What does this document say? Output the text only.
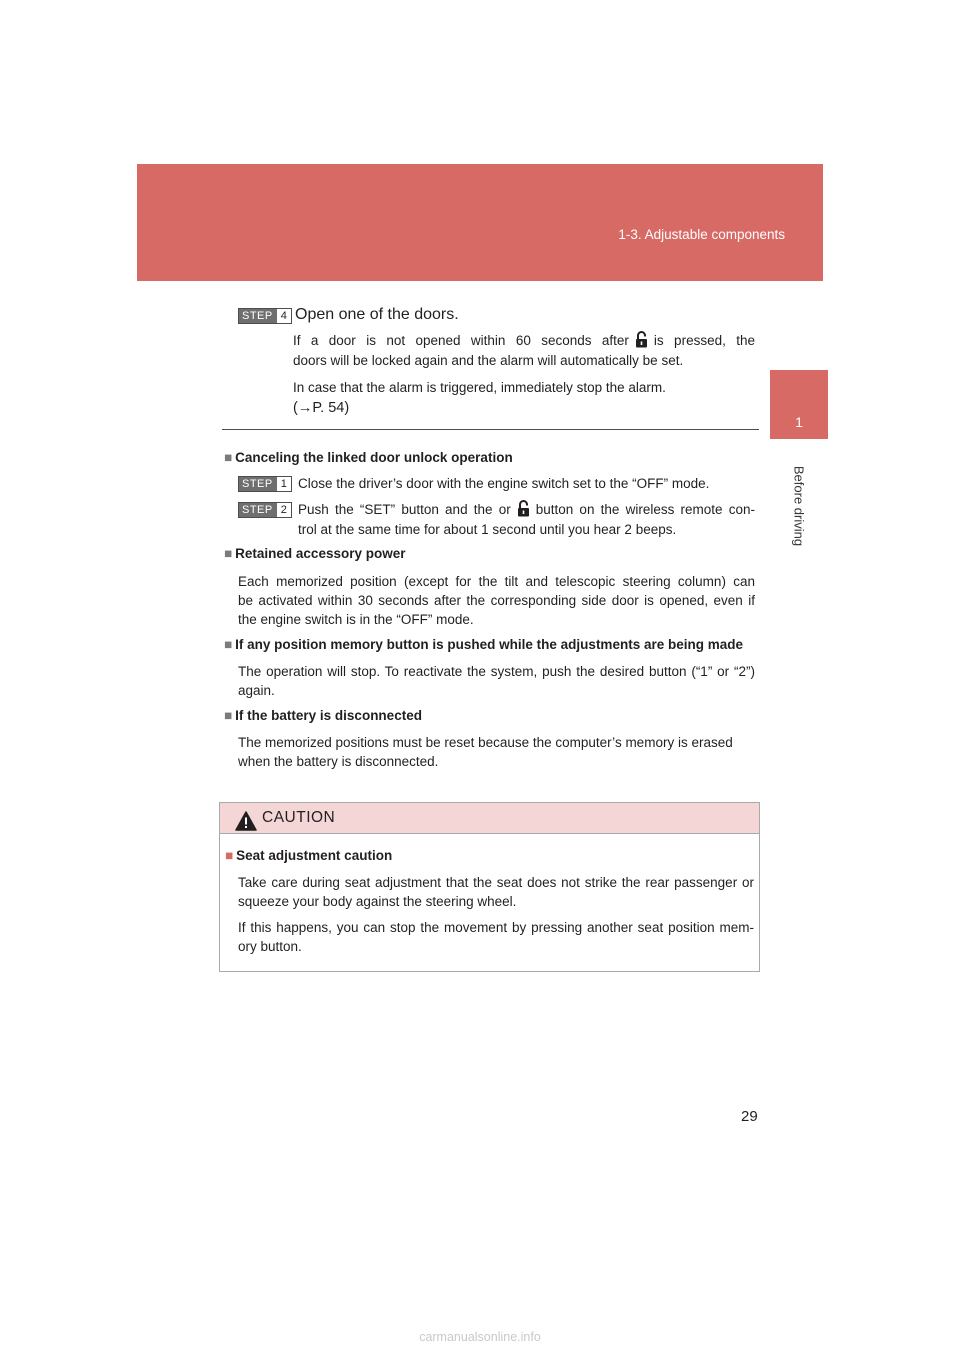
1-3. Adjustable components
1
Before driving
STEP 4 Open one of the doors.
If a door is not opened within 60 seconds after is pressed, the
doors will be locked again and the alarm will automatically be set.
In case that the alarm is triggered, immediately stop the alarm.
(→P. 54)
■ Canceling the linked door unlock operation
STEP 1 Close the driver’s door with the engine switch set to the “OFF” mode.
STEP 2 Push the “SET” button and the or button on the wireless remote con-
trol at the same time for about 1 second until you hear 2 beeps.
■ Retained accessory power
Each memorized position (except for the tilt and telescopic steering column) can
be activated within 30 seconds after the corresponding side door is opened, even if
the engine switch is in the “OFF” mode.
■ If any position memory button is pushed while the adjustments are being made
The operation will stop. To reactivate the system, push the desired button (“1” or “2”)
again.
■ If the battery is disconnected
The memorized positions must be reset because the computer’s memory is erased
when the battery is disconnected.
CAUTION
■ Seat adjustment caution
Take care during seat adjustment that the seat does not strike the rear passenger or
squeeze your body against the steering wheel.
If this happens, you can stop the movement by pressing another seat position mem-
ory button.
29
carmanualsonline.info
